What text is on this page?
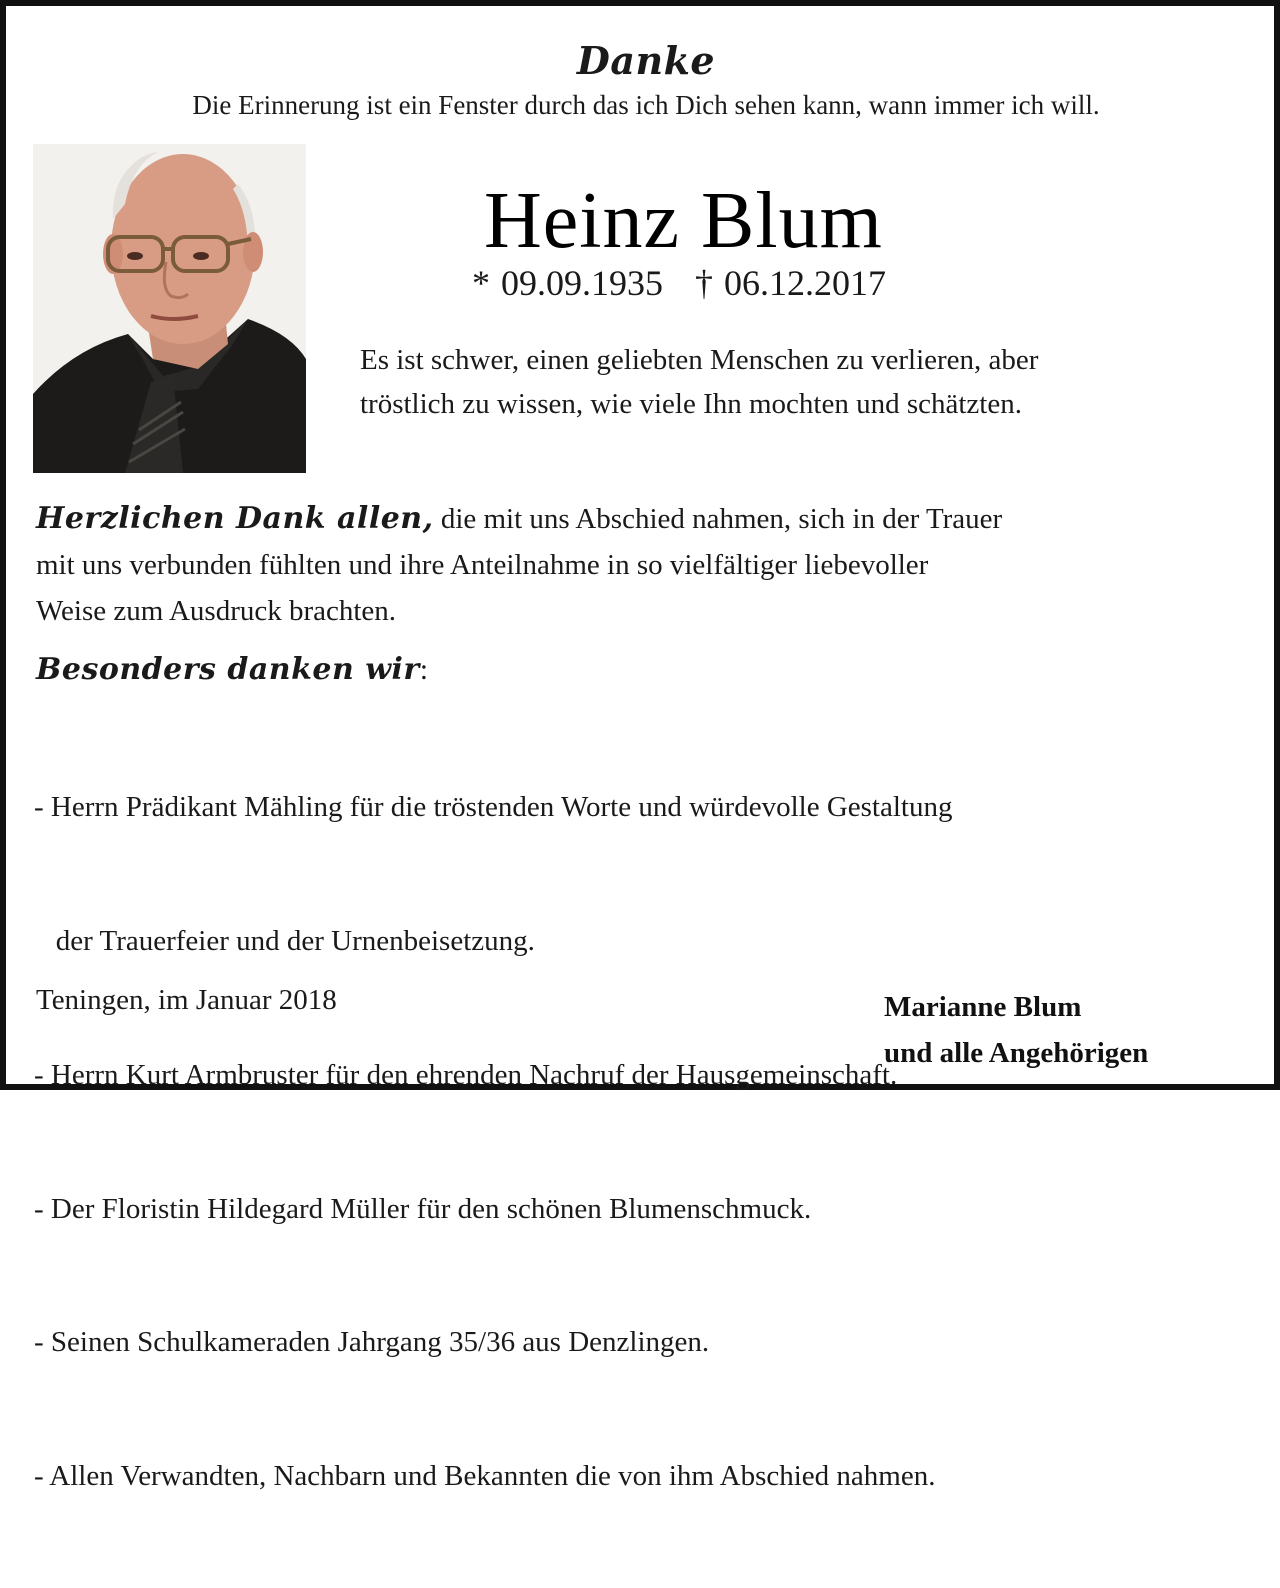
Danke
Die Erinnerung ist ein Fenster durch das ich Dich sehen kann, wann immer ich will.
Heinz Blum
* 09.09.1935 † 06.12.2017
Es ist schwer, einen geliebten Menschen zu verlieren, aber
tröstlich zu wissen, wie viele Ihn mochten und schätzten.
Herzlichen Dank allen, die mit uns Abschied nahmen, sich in der Trauer
mit uns verbunden fühlten und ihre Anteilnahme in so vielfältiger liebevoller
Weise zum Ausdruck brachten.
Besonders danken wir:

- Herrn Prädikant Mähling für die tröstenden Worte und würdevolle Gestaltung

der Trauerfeier und der Urnenbeisetzung.

- Herrn Kurt Armbruster für den ehrenden Nachruf der Hausgemeinschaft.

- Der Floristin Hildegard Müller für den schönen Blumenschmuck.

- Seinen Schulkameraden Jahrgang 35/36 aus Denzlingen.

- Allen Verwandten, Nachbarn und Bekannten die von ihm Abschied nahmen.

Teningen, im Januar 2018	Marianne Blum
und alle Angehörigen
